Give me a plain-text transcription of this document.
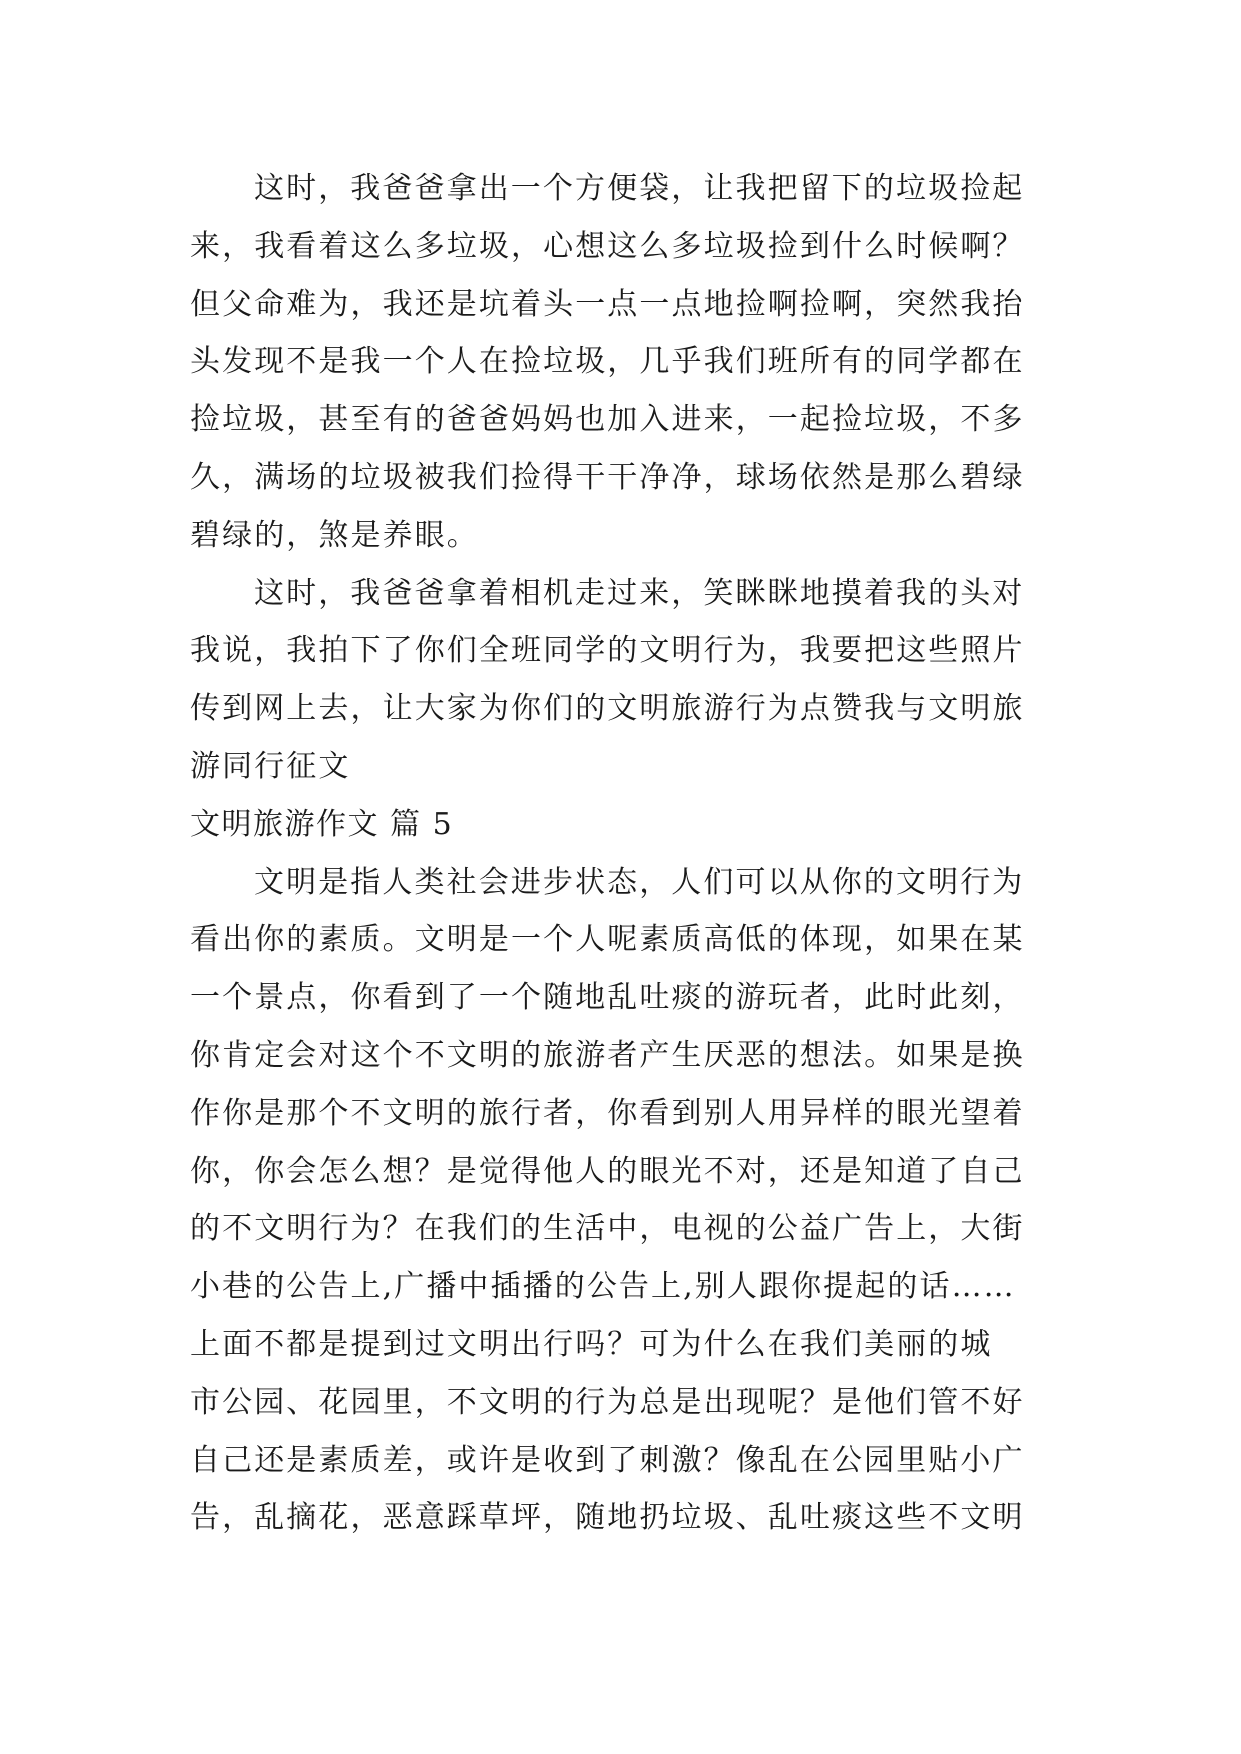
这时，我爸爸拿出一个方便袋，让我把留下的垃圾捡起
来，我看着这么多垃圾，心想这么多垃圾捡到什么时候啊？
但父命难为，我还是坑着头一点一点地捡啊捡啊，突然我抬
头发现不是我一个人在捡垃圾，几乎我们班所有的同学都在
捡垃圾，甚至有的爸爸妈妈也加入进来，一起捡垃圾，不多
久，满场的垃圾被我们捡得干干净净，球场依然是那么碧绿
碧绿的，煞是养眼。

这时，我爸爸拿着相机走过来，笑眯眯地摸着我的头对
我说，我拍下了你们全班同学的文明行为，我要把这些照片
传到网上去，让大家为你们的文明旅游行为点赞我与文明旅
游同行征文

文明旅游作文 篇 5

文明是指人类社会进步状态，人们可以从你的文明行为
看出你的素质。文明是一个人呢素质高低的体现，如果在某
一个景点，你看到了一个随地乱吐痰的游玩者，此时此刻，
你肯定会对这个不文明的旅游者产生厌恶的想法。如果是换
作你是那个不文明的旅行者，你看到别人用异样的眼光望着
你，你会怎么想？是觉得他人的眼光不对，还是知道了自己
的不文明行为？在我们的生活中，电视的公益广告上，大街
小巷的公告上,广播中插播的公告上,别人跟你提起的话……
上面不都是提到过文明出行吗？可为什么在我们美丽的城
市公园、花园里，不文明的行为总是出现呢？是他们管不好
自己还是素质差，或许是收到了刺激？像乱在公园里贴小广
告，乱摘花，恶意踩草坪，随地扔垃圾、乱吐痰这些不文明
